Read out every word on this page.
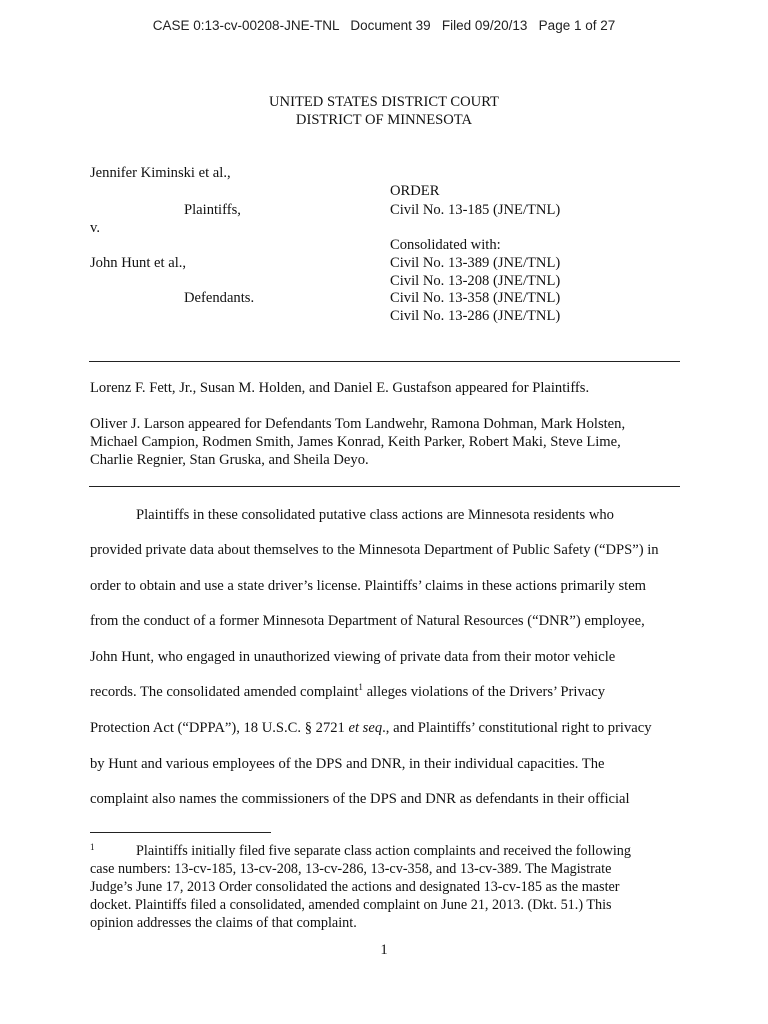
CASE 0:13-cv-00208-JNE-TNL   Document 39   Filed 09/20/13   Page 1 of 27
UNITED STATES DISTRICT COURT
DISTRICT OF MINNESOTA
Jennifer Kiminski et al.,
Plaintiffs,
v.
John Hunt et al.,
Defendants.
ORDER
Civil No. 13-185 (JNE/TNL)
Consolidated with:
Civil No. 13-389 (JNE/TNL)
Civil No. 13-208 (JNE/TNL)
Civil No. 13-358 (JNE/TNL)
Civil No. 13-286 (JNE/TNL)
Lorenz F. Fett, Jr., Susan M. Holden, and Daniel E. Gustafson appeared for Plaintiffs.
Oliver J. Larson appeared for Defendants Tom Landwehr, Ramona Dohman, Mark Holsten,
Michael Campion, Rodmen Smith, James Konrad, Keith Parker, Robert Maki, Steve Lime,
Charlie Regnier, Stan Gruska, and Sheila Deyo.
Plaintiffs in these consolidated putative class actions are Minnesota residents who
provided private data about themselves to the Minnesota Department of Public Safety (“DPS”) in
order to obtain and use a state driver’s license. Plaintiffs’ claims in these actions primarily stem
from the conduct of a former Minnesota Department of Natural Resources (“DNR”) employee,
John Hunt, who engaged in unauthorized viewing of private data from their motor vehicle
records. The consolidated amended complaint$^1$ alleges violations of the Drivers’ Privacy
Protection Act (“DPPA”), 18 U.S.C. § 2721 et seq., and Plaintiffs’ constitutional right to privacy
by Hunt and various employees of the DPS and DNR, in their individual capacities. The
complaint also names the commissioners of the DPS and DNR as defendants in their official
1	Plaintiffs initially filed five separate class action complaints and received the following
case numbers: 13-cv-185, 13-cv-208, 13-cv-286, 13-cv-358, and 13-cv-389. The Magistrate
Judge’s June 17, 2013 Order consolidated the actions and designated 13-cv-185 as the master
docket. Plaintiffs filed a consolidated, amended complaint on June 21, 2013. (Dkt. 51.) This
opinion addresses the claims of that complaint.
1
